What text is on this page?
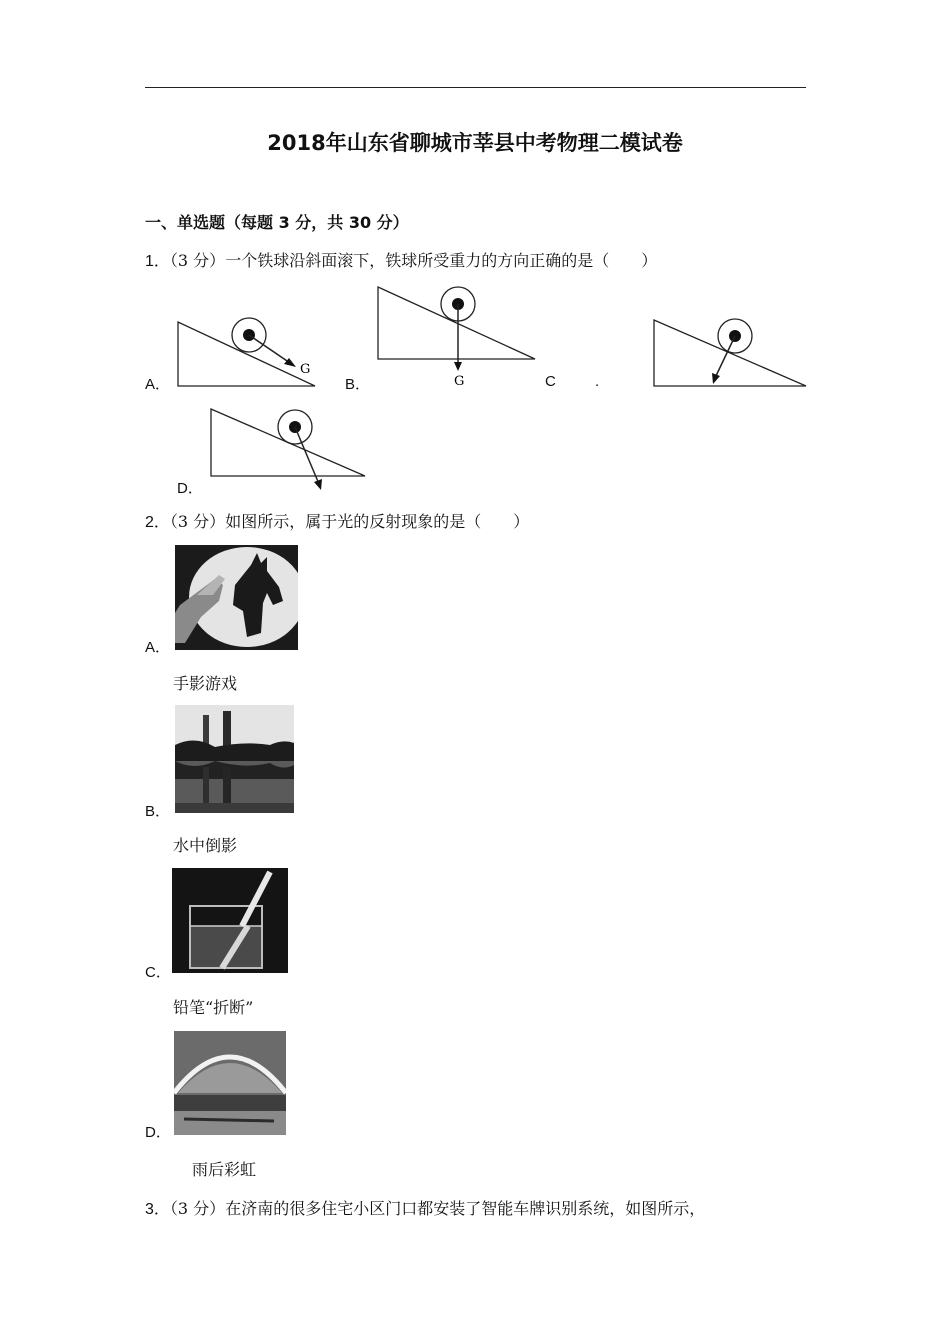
2018年山东省聊城市莘县中考物理二模试卷
一、单选题（每题 3 分，共 30 分）
1．（3 分）一个铁球沿斜面滚下，铁球所受重力的方向正确的是（　　）
A．
G
B．	G	C	.
D．
2．（3 分）如图所示，属于光的反射现象的是（　　）
A．
手影游戏
B．
水中倒影
C．
铅笔“折断”
D．
雨后彩虹
3．（3 分）在济南的很多住宅小区门口都安装了智能车牌识别系统，如图所示，
